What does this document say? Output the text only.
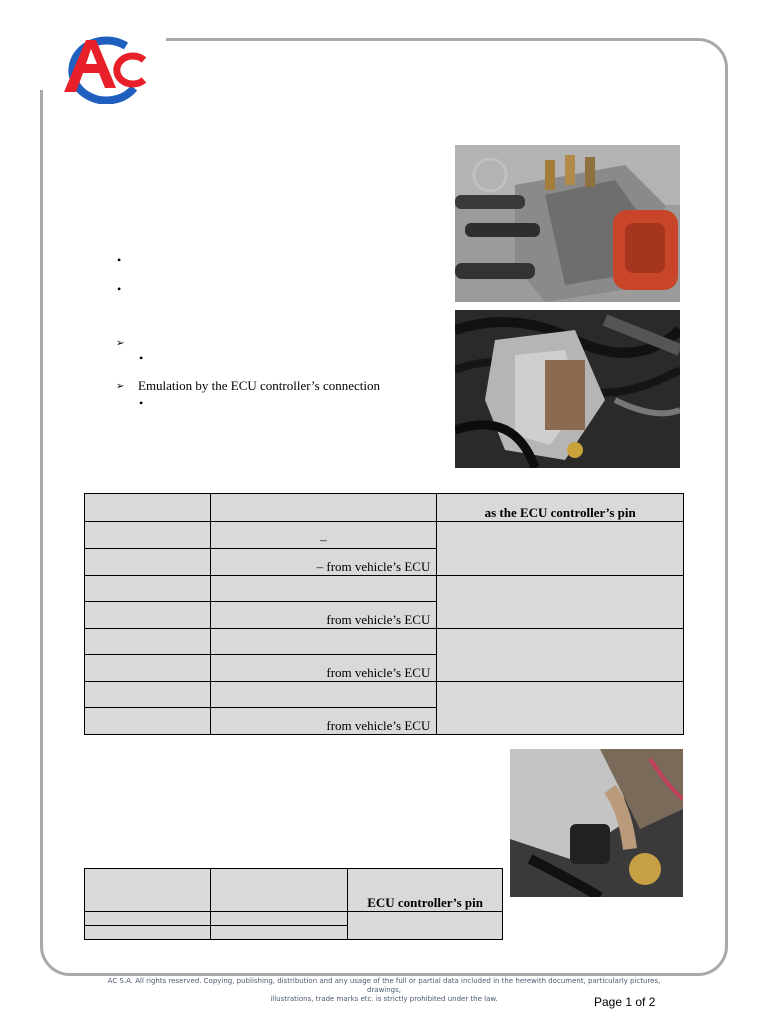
•
•
➢
•
➢ Emulation by the ECU controller’s connection
•
		as the ECU controller’s pin
	–	
	– from vehicle’s ECU	

	from vehicle’s ECU	

	from vehicle’s ECU	

	from vehicle’s ECU	
		ECU controller’s pin

AC S.A. All rights reserved. Copying, publishing, distribution and any usage of the full or partial data included in the herewith document, particularly pictures, drawings,
illustrations, trade marks etc. is strictly prohibited under the law.	Page 1 of 2
